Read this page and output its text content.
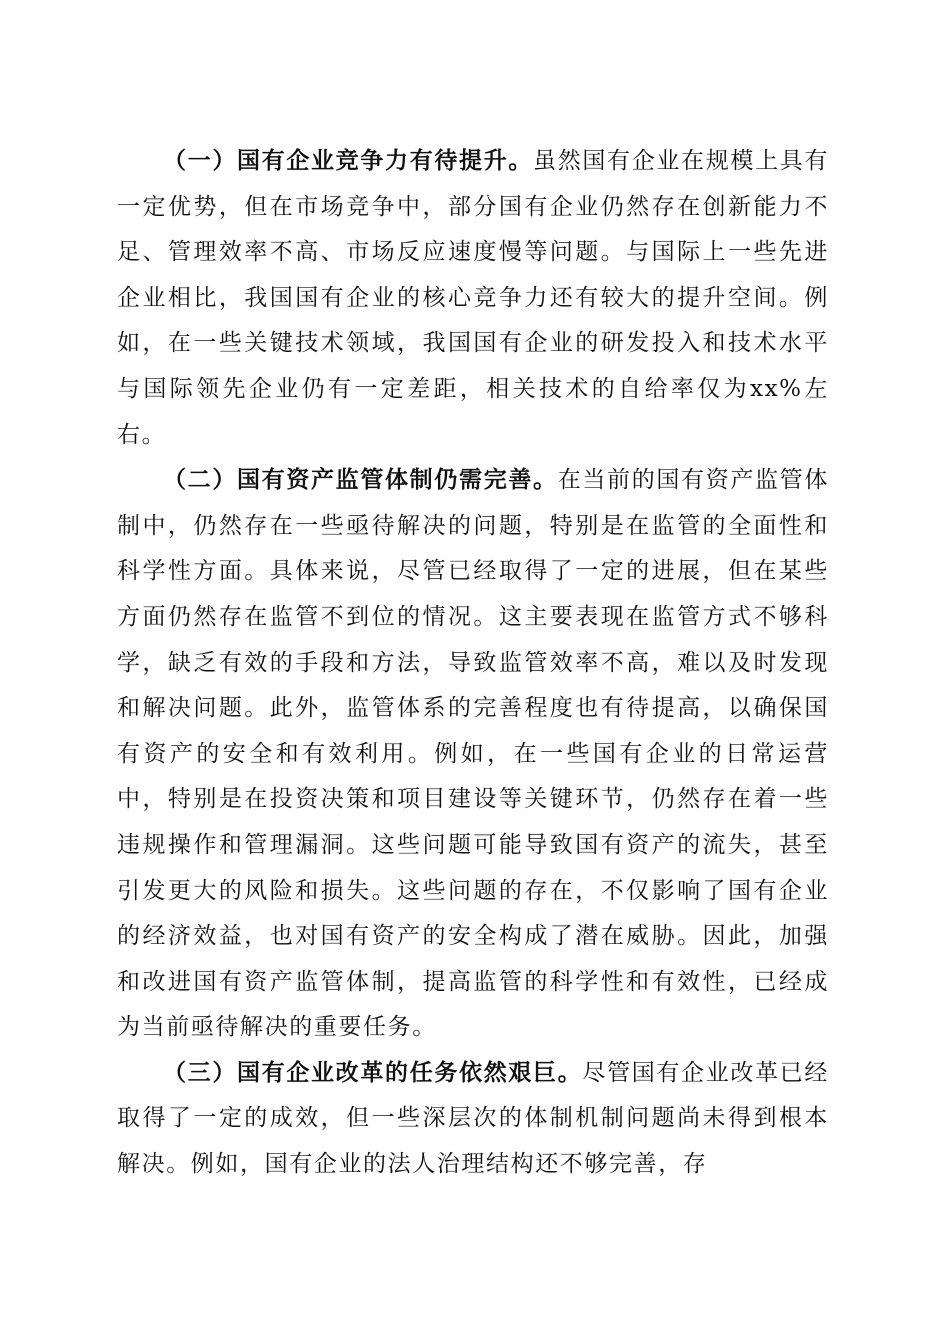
（一）国有企业竞争力有待提升。虽然国有企业在规模上具有一定优势，但在市场竞争中，部分国有企业仍然存在创新能力不足、管理效率不高、市场反应速度慢等问题。与国际上一些先进企业相比，我国国有企业的核心竞争力还有较大的提升空间。例如，在一些关键技术领域，我国国有企业的研发投入和技术水平与国际领先企业仍有一定差距，相关技术的自给率仅为xx%左右。

（二）国有资产监管体制仍需完善。在当前的国有资产监管体制中，仍然存在一些亟待解决的问题，特别是在监管的全面性和科学性方面。具体来说，尽管已经取得了一定的进展，但在某些方面仍然存在监管不到位的情况。这主要表现在监管方式不够科学，缺乏有效的手段和方法，导致监管效率不高，难以及时发现和解决问题。此外，监管体系的完善程度也有待提高，以确保国有资产的安全和有效利用。例如，在一些国有企业的日常运营中，特别是在投资决策和项目建设等关键环节，仍然存在着一些违规操作和管理漏洞。这些问题可能导致国有资产的流失，甚至引发更大的风险和损失。这些问题的存在，不仅影响了国有企业的经济效益，也对国有资产的安全构成了潜在威胁。因此，加强和改进国有资产监管体制，提高监管的科学性和有效性，已经成为当前亟待解决的重要任务。

（三）国有企业改革的任务依然艰巨。尽管国有企业改革已经取得了一定的成效，但一些深层次的体制机制问题尚未得到根本解决。例如，国有企业的法人治理结构还不够完善，存
